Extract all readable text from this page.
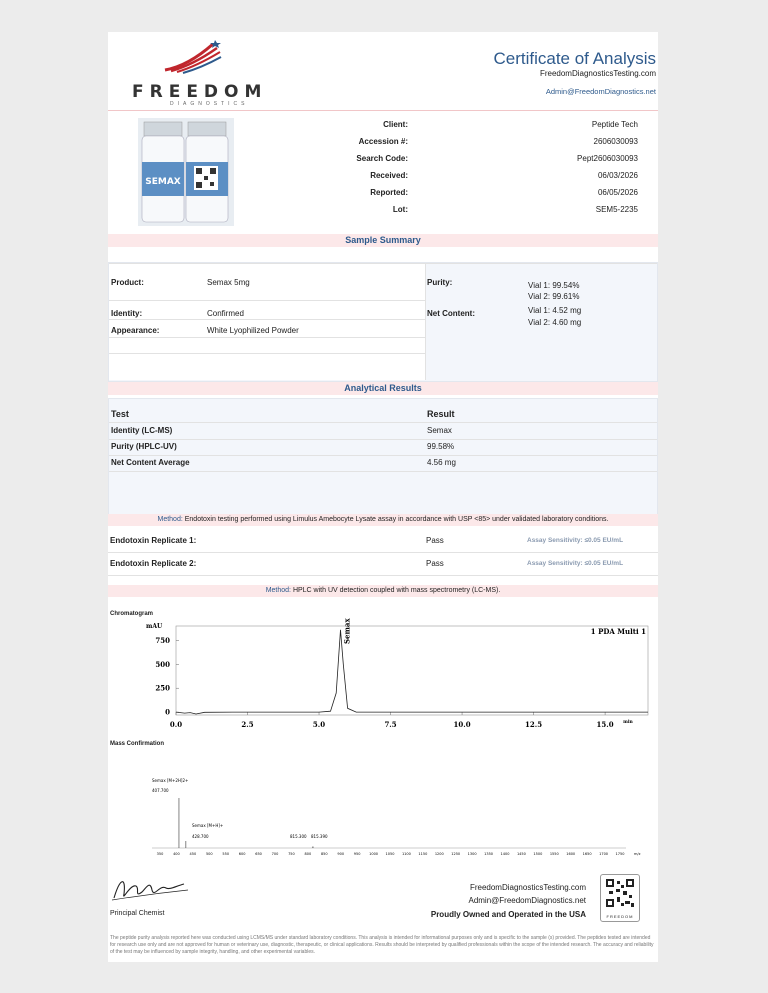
FREEDOM
DIAGNOSTICS
Certificate of Analysis
FreedomDiagnosticsTesting.com
Admin@FreedomDiagnostics.net
SEMAX
Client:	Peptide Tech
Accession #:	2606030093
Search Code:	Pept2606030093
Received:	06/03/2026
Reported:	06/05/2026
Lot:	SEM5-2235
Sample Summary
Product:	Semax 5mg
Identity:	Confirmed
Appearance:	White Lyophilized Powder
Purity:	Vial 1: 99.54%
Vial 2: 99.61%
Net Content:	Vial 1: 4.52 mg
Vial 2: 4.60 mg
Analytical Results
Test	Result
Identity (LC-MS)	Semax
Purity (HPLC-UV)	99.58%
Net Content Average	4.56 mg
Method: Endotoxin testing performed using Limulus Amebocyte Lysate assay in accordance with USP <85> under validated laboratory conditions.
Endotoxin Replicate 1:	Pass	Assay Sensitivity: ≤0.05 EU/mL
Endotoxin Replicate 2:	Pass	Assay Sensitivity: ≤0.05 EU/mL
Method: HPLC with UV detection coupled with mass spectrometry (LC-MS).
Chromatogram
mAU
0
250
500
750
0.0	2.5	5.0	7.5	10.0	12.5	15.0 min
1 PDA Multi 1
Semax
Mass Confirmation
350	400	450	500	550	600	650	700	750	800	850	900	950 1000 1050 1100 1150 1200 1250 1300 1350 1400 1450 1500 1550 1600 1650 1700 1750	m/z
Semax [M+2H]2+
407.700
Semax [M+H]+
428.700	815.300 815.390
Principal Chemist
FreedomDiagnosticsTesting.com
Admin@FreedomDiagnostics.net
Proudly Owned and Operated in the USA	FREEDOM
The peptide purity analysis reported here was conducted using LCMS/MS under standard laboratory conditions. This analysis is intended for informational purposes only and is specific to the sample (s) provided. The peptides tested are intended for research use only and are not approved for human or veterinary use, diagnostic, therapeutic, or clinical applications. Results should be interpreted by qualified professionals within the scope of the intended research. The accuracy and reliability of the test may be influenced by sample integrity, handling, and other experimental variables.
